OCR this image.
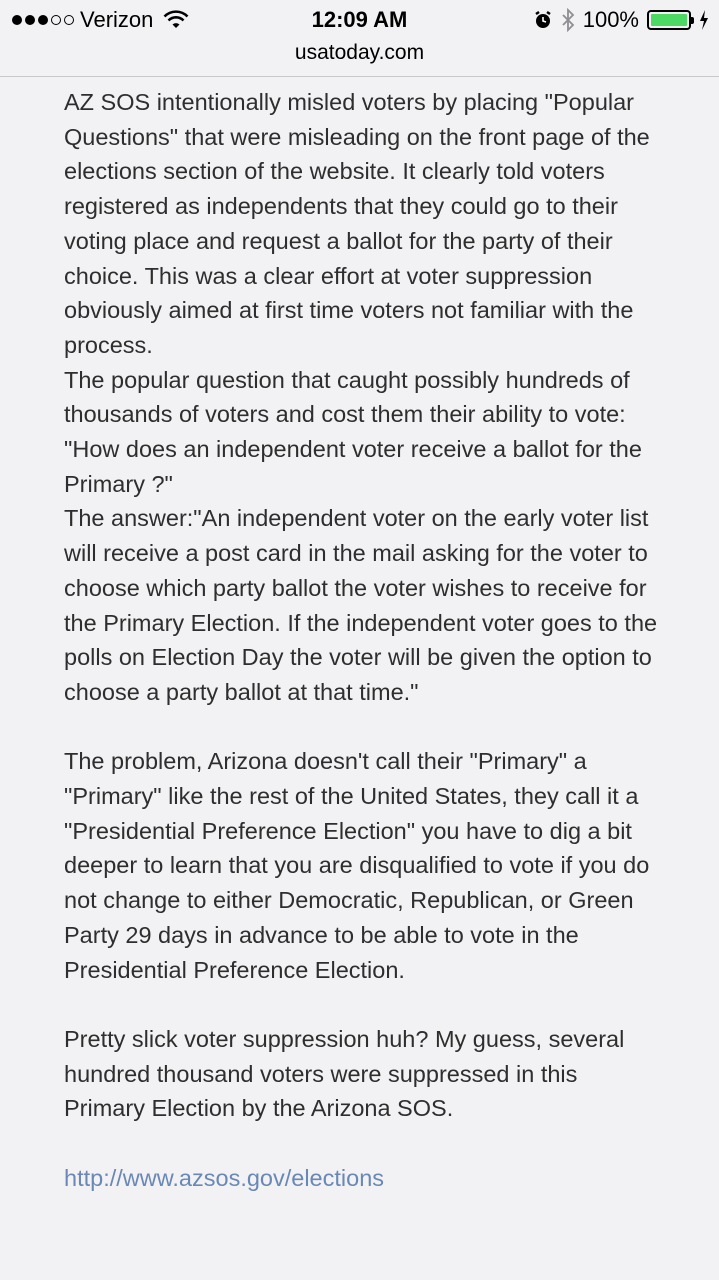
Verizon	12:09 AM	100%
usatoday.com

AZ SOS intentionally misled voters by placing "Popular Questions" that were misleading on the front page of the elections section of the website. It clearly told voters registered as independents that they could go to their voting place and request a ballot for the party of their choice. This was a clear effort at voter suppression obviously aimed at first time voters not familiar with the process.

The popular question that caught possibly hundreds of thousands of voters and cost them their ability to vote: "How does an independent voter receive a ballot for the Primary ?"

The answer:"An independent voter on the early voter list will receive a post card in the mail asking for the voter to choose which party ballot the voter wishes to receive for the Primary Election. If the independent voter goes to the polls on Election Day the voter will be given the option to choose a party ballot at that time."

The problem, Arizona doesn't call their "Primary" a "Primary" like the rest of the United States, they call it a "Presidential Preference Election" you have to dig a bit deeper to learn that you are disqualified to vote if you do not change to either Democratic, Republican, or Green Party 29 days in advance to be able to vote in the Presidential Preference Election.

Pretty slick voter suppression huh? My guess, several hundred thousand voters were suppressed in this Primary Election by the Arizona SOS.

http://www.azsos.gov/elections
